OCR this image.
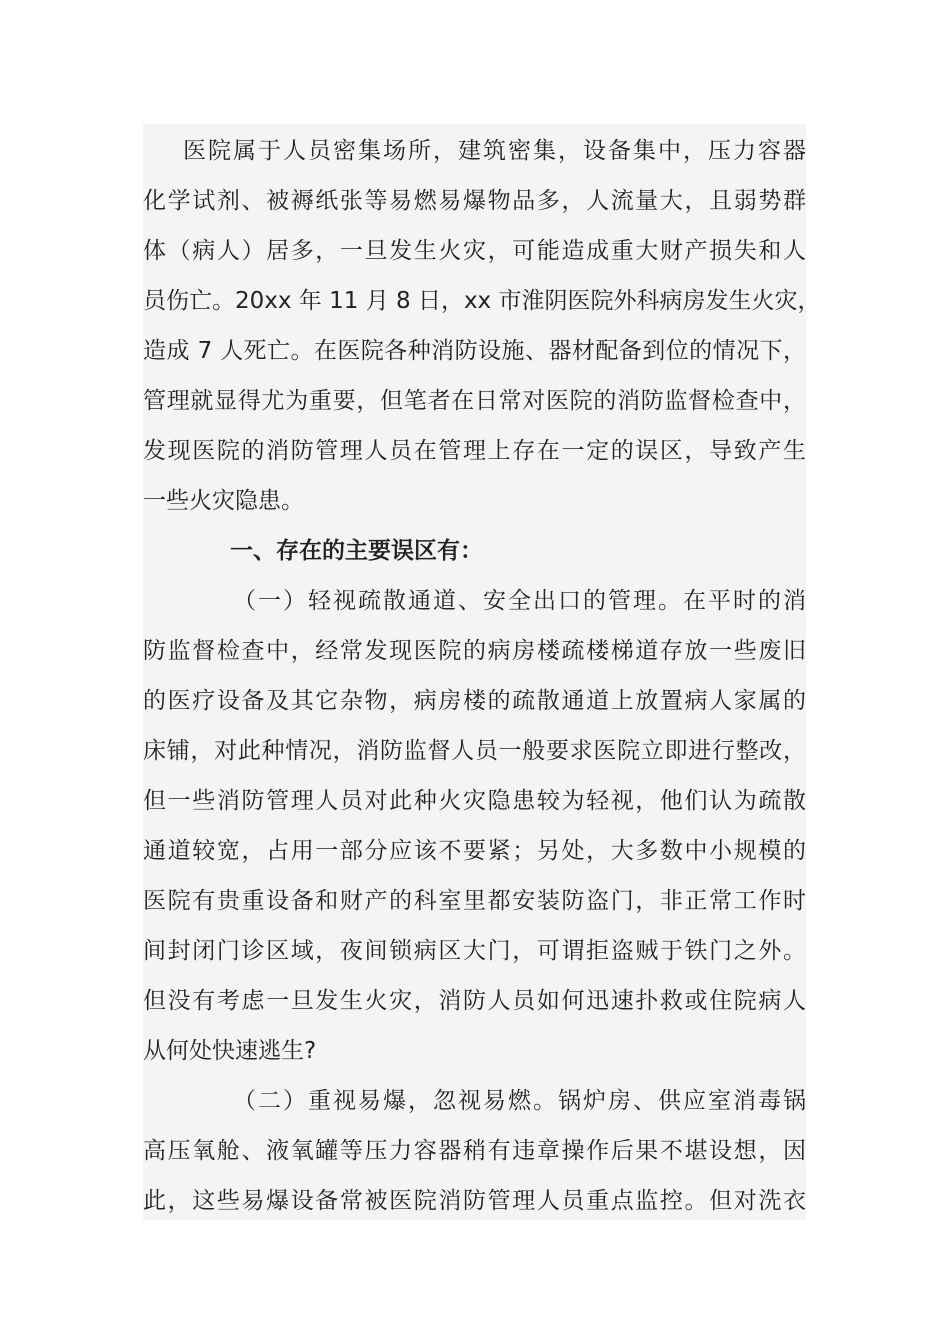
医院属于人员密集场所，建筑密集，设备集中，压力容器
化学试剂、被褥纸张等易燃易爆物品多，人流量大，且弱势群
体（病人）居多，一旦发生火灾，可能造成重大财产损失和人
员伤亡。20xx 年 11 月 8 日，xx 市淮阴医院外科病房发生火灾，
造成 7 人死亡。在医院各种消防设施、器材配备到位的情况下，
管理就显得尤为重要，但笔者在日常对医院的消防监督检查中，
发现医院的消防管理人员在管理上存在一定的误区，导致产生
一些火灾隐患。
一、存在的主要误区有：
（一）轻视疏散通道、安全出口的管理。在平时的消
防监督检查中，经常发现医院的病房楼疏楼梯道存放一些废旧
的医疗设备及其它杂物，病房楼的疏散通道上放置病人家属的
床铺，对此种情况，消防监督人员一般要求医院立即进行整改，
但一些消防管理人员对此种火灾隐患较为轻视，他们认为疏散
通道较宽，占用一部分应该不要紧；另处，大多数中小规模的
医院有贵重设备和财产的科室里都安装防盗门，非正常工作时
间封闭门诊区域，夜间锁病区大门，可谓拒盗贼于铁门之外。
但没有考虑一旦发生火灾，消防人员如何迅速扑救或住院病人
从何处快速逃生?
（二）重视易爆，忽视易燃。锅炉房、供应室消毒锅
高压氧舱、液氧罐等压力容器稍有违章操作后果不堪设想，因
此，这些易爆设备常被医院消防管理人员重点监控。但对洗衣
